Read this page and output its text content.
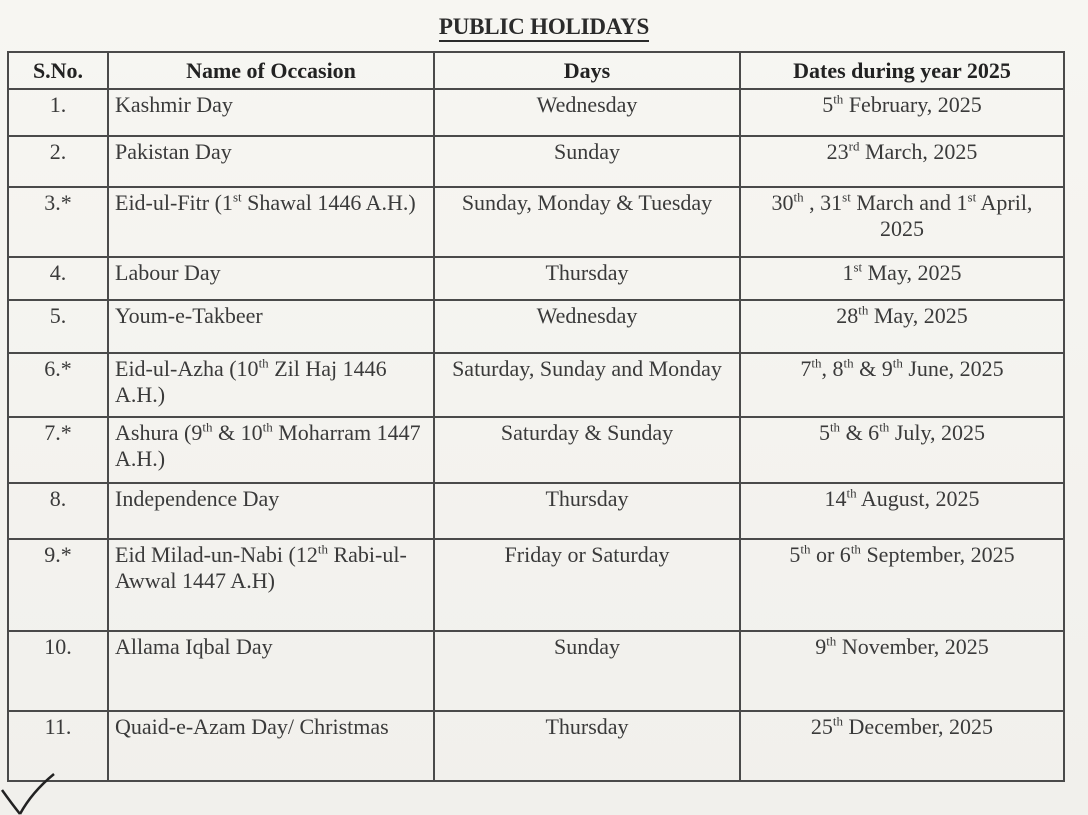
PUBLIC HOLIDAYS
S.No.	Name of Occasion	Days	Dates during year 2025
1.	Kashmir Day	Wednesday	5th February, 2025
2.	Pakistan Day	Sunday	23rd March, 2025
3.*	Eid-ul-Fitr (1st Shawal 1446 A.H.)	Sunday, Monday & Tuesday	30th , 31st March and 1st April, 2025
4.	Labour Day	Thursday	1st May, 2025
5.	Youm-e-Takbeer	Wednesday	28th May, 2025
6.*	Eid-ul-Azha (10th Zil Haj 1446 A.H.)	Saturday, Sunday and Monday	7th, 8th & 9th June, 2025
7.*	Ashura (9th & 10th Moharram 1447 A.H.)	Saturday & Sunday	5th & 6th July, 2025
8.	Independence Day	Thursday	14th August, 2025
9.*	Eid Milad-un-Nabi (12th Rabi-ul- Awwal 1447 A.H)	Friday or Saturday	5th or 6th September, 2025
10.	Allama Iqbal Day	Sunday	9th November, 2025
11.	Quaid-e-Azam Day/ Christmas	Thursday	25th December, 2025
